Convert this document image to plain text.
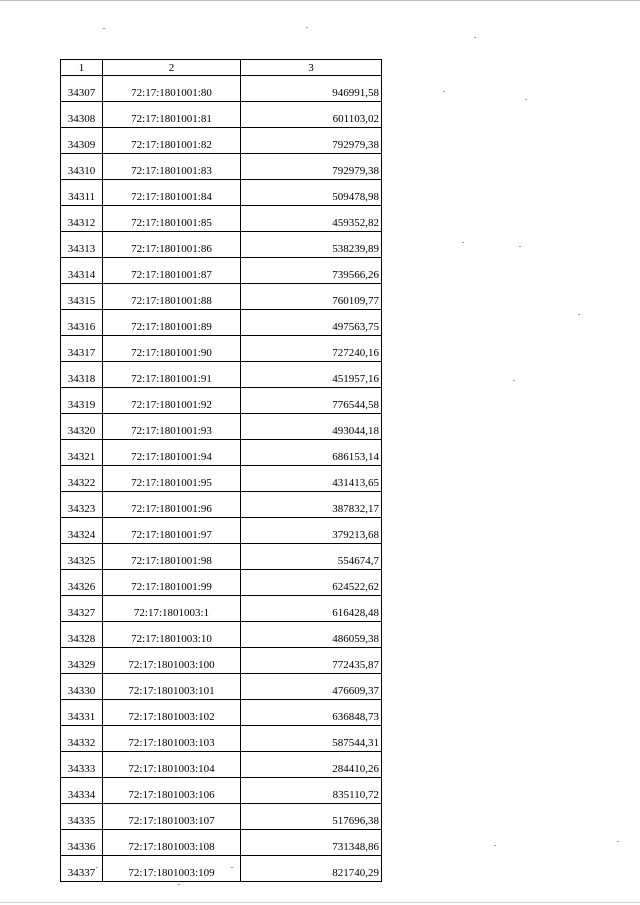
1	2	3
34307	72:17:1801001:80	946991,58
34308	72:17:1801001:81	601103,02
34309	72:17:1801001:82	792979,38
34310	72:17:1801001:83	792979,38
34311	72:17:1801001:84	509478,98
34312	72:17:1801001:85	459352,82
34313	72:17:1801001:86	538239,89
34314	72:17:1801001:87	739566,26
34315	72:17:1801001:88	760109,77
34316	72:17:1801001:89	497563,75
34317	72:17:1801001:90	727240,16
34318	72:17:1801001:91	451957,16
34319	72:17:1801001:92	776544,58
34320	72:17:1801001:93	493044,18
34321	72:17:1801001:94	686153,14
34322	72:17:1801001:95	431413,65
34323	72:17:1801001:96	387832,17
34324	72:17:1801001:97	379213,68
34325	72:17:1801001:98	554674,7
34326	72:17:1801001:99	624522,62
34327	72:17:1801003:1	616428,48
34328	72:17:1801003:10	486059,38
34329	72:17:1801003:100	772435,87
34330	72:17:1801003:101	476609,37
34331	72:17:1801003:102	636848,73
34332	72:17:1801003:103	587544,31
34333	72:17:1801003:104	284410,26
34334	72:17:1801003:106	835110,72
34335	72:17:1801003:107	517696,38
34336	72:17:1801003:108	731348,86
34337	72:17:1801003:109	821740,29
